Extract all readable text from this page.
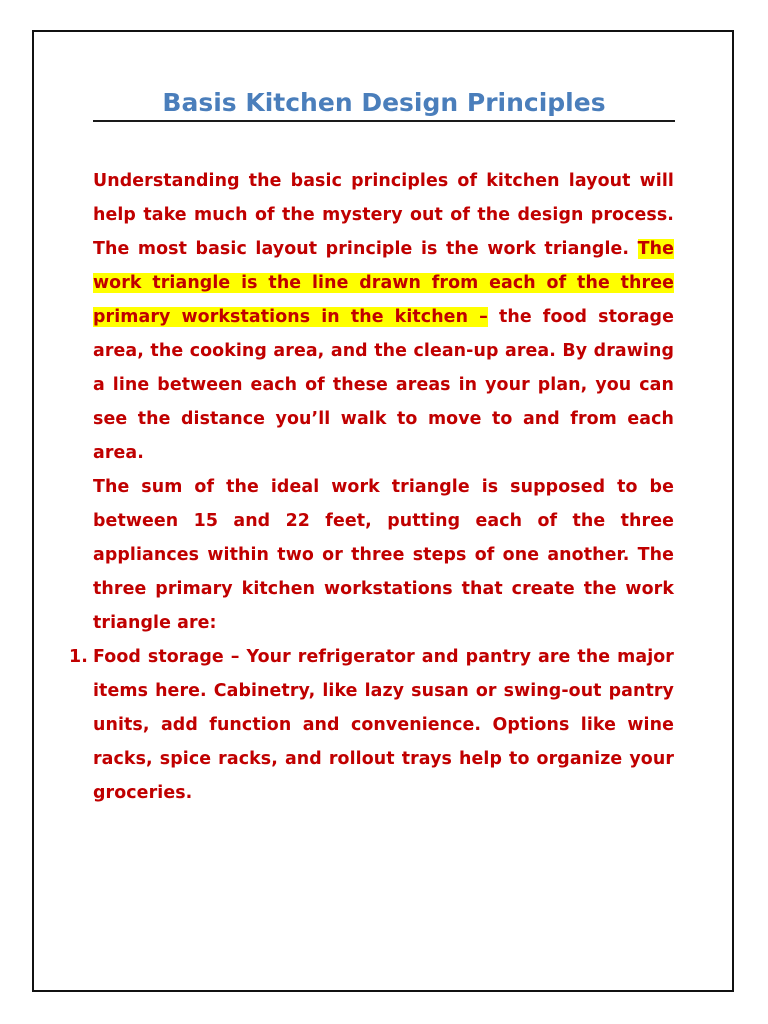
Basis Kitchen Design Principles

Understanding the basic principles of kitchen layout will help take much of the mystery out of the design process. The most basic layout principle is the work triangle. The work triangle is the line drawn from each of the three primary workstations in the kitchen – the food storage area, the cooking area, and the clean-up area. By drawing a line between each of these areas in your plan, you can see the distance you’ll walk to move to and from each area.

The sum of the ideal work triangle is supposed to be between 15 and 22 feet, putting each of the three appliances within two or three steps of one another. The three primary kitchen workstations that create the work triangle are:

1. Food storage – Your refrigerator and pantry are the major items here. Cabinetry, like lazy susan or swing-out pantry units, add function and convenience. Options like wine racks, spice racks, and rollout trays help to organize your groceries.
